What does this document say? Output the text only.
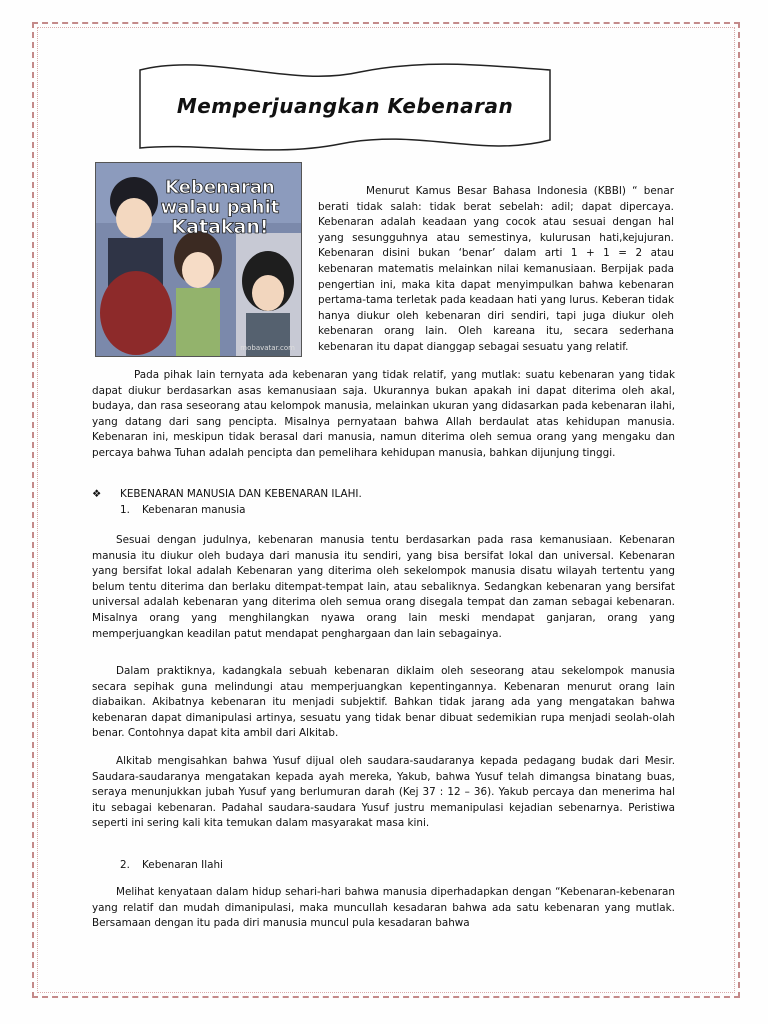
Memperjuangkan Kebenaran
Kebenaran
walau pahit
Katakan!
mobavatar.com
Menurut Kamus Besar Bahasa Indonesia (KBBI) “ benar berati tidak salah: tidak berat sebelah: adil; dapat dipercaya. Kebenaran adalah keadaan yang cocok atau sesuai dengan hal yang sesungguhnya atau semestinya, kulurusan hati,kejujuran. Kebenaran disini bukan ‘benar’ dalam arti 1 + 1 = 2 atau kebenaran matematis melainkan nilai kemanusiaan. Berpijak pada pengertian ini, maka kita dapat menyimpulkan bahwa kebenaran pertama-tama terletak pada keadaan hati yang lurus. Keberan tidak hanya diukur oleh kebenaran diri sendiri, tapi juga diukur oleh kebenaran orang lain. Oleh kareana itu, secara sederhana kebenaran itu dapat dianggap sebagai sesuatu yang relatif.
Pada pihak lain ternyata ada kebenaran yang tidak relatif, yang mutlak: suatu kebenaran yang tidak dapat diukur berdasarkan asas kemanusiaan saja. Ukurannya bukan apakah ini dapat diterima oleh akal, budaya, dan rasa seseorang atau kelompok manusia, melainkan ukuran yang didasarkan pada kebenaran ilahi, yang datang dari sang pencipta. Misalnya pernyataan bahwa Allah berdaulat atas kehidupan manusia. Kebenaran ini, meskipun tidak berasal dari manusia, namun diterima oleh semua orang yang mengaku dan percaya bahwa Tuhan adalah pencipta dan pemelihara kehidupan manusia, bahkan dijunjung tinggi.
❖ KEBENARAN MANUSIA DAN KEBENARAN ILAHI.
1. Kebenaran manusia
Sesuai dengan judulnya, kebenaran manusia tentu berdasarkan pada rasa kemanusiaan. Kebenaran manusia itu diukur oleh budaya dari manusia itu sendiri, yang bisa bersifat lokal dan universal. Kebenaran yang bersifat lokal adalah Kebenaran yang diterima oleh sekelompok manusia disatu wilayah tertentu yang belum tentu diterima dan berlaku ditempat-tempat lain, atau sebaliknya. Sedangkan kebenaran yang bersifat universal adalah kebenaran yang diterima oleh semua orang disegala tempat dan zaman sebagai kebenaran. Misalnya orang yang menghilangkan nyawa orang lain meski mendapat ganjaran, orang yang memperjuangkan keadilan patut mendapat penghargaan dan lain sebagainya.
Dalam praktiknya, kadangkala sebuah kebenaran diklaim oleh seseorang atau sekelompok manusia secara sepihak guna melindungi atau memperjuangkan kepentingannya. Kebenaran menurut orang lain diabaikan. Akibatnya kebenaran itu menjadi subjektif. Bahkan tidak jarang ada yang mengatakan bahwa kebenaran dapat dimanipulasi artinya, sesuatu yang tidak benar dibuat sedemikian rupa menjadi seolah-olah benar. Contohnya dapat kita ambil dari Alkitab.
Alkitab mengisahkan bahwa Yusuf dijual oleh saudara-saudaranya kepada pedagang budak dari Mesir. Saudara-saudaranya mengatakan kepada ayah mereka, Yakub, bahwa Yusuf telah dimangsa binatang buas, seraya menunjukkan jubah Yusuf yang berlumuran darah (Kej 37 : 12 – 36). Yakub percaya dan menerima hal itu sebagai kebenaran. Padahal saudara-saudara Yusuf justru memanipulasi kejadian sebenarnya. Peristiwa seperti ini sering kali kita temukan dalam masyarakat masa kini.
2. Kebenaran Ilahi
Melihat kenyataan dalam hidup sehari-hari bahwa manusia diperhadapkan dengan “Kebenaran-kebenaran yang relatif dan mudah dimanipulasi, maka muncullah kesadaran bahwa ada satu kebenaran yang mutlak. Bersamaan dengan itu pada diri manusia muncul pula kesadaran bahwa
